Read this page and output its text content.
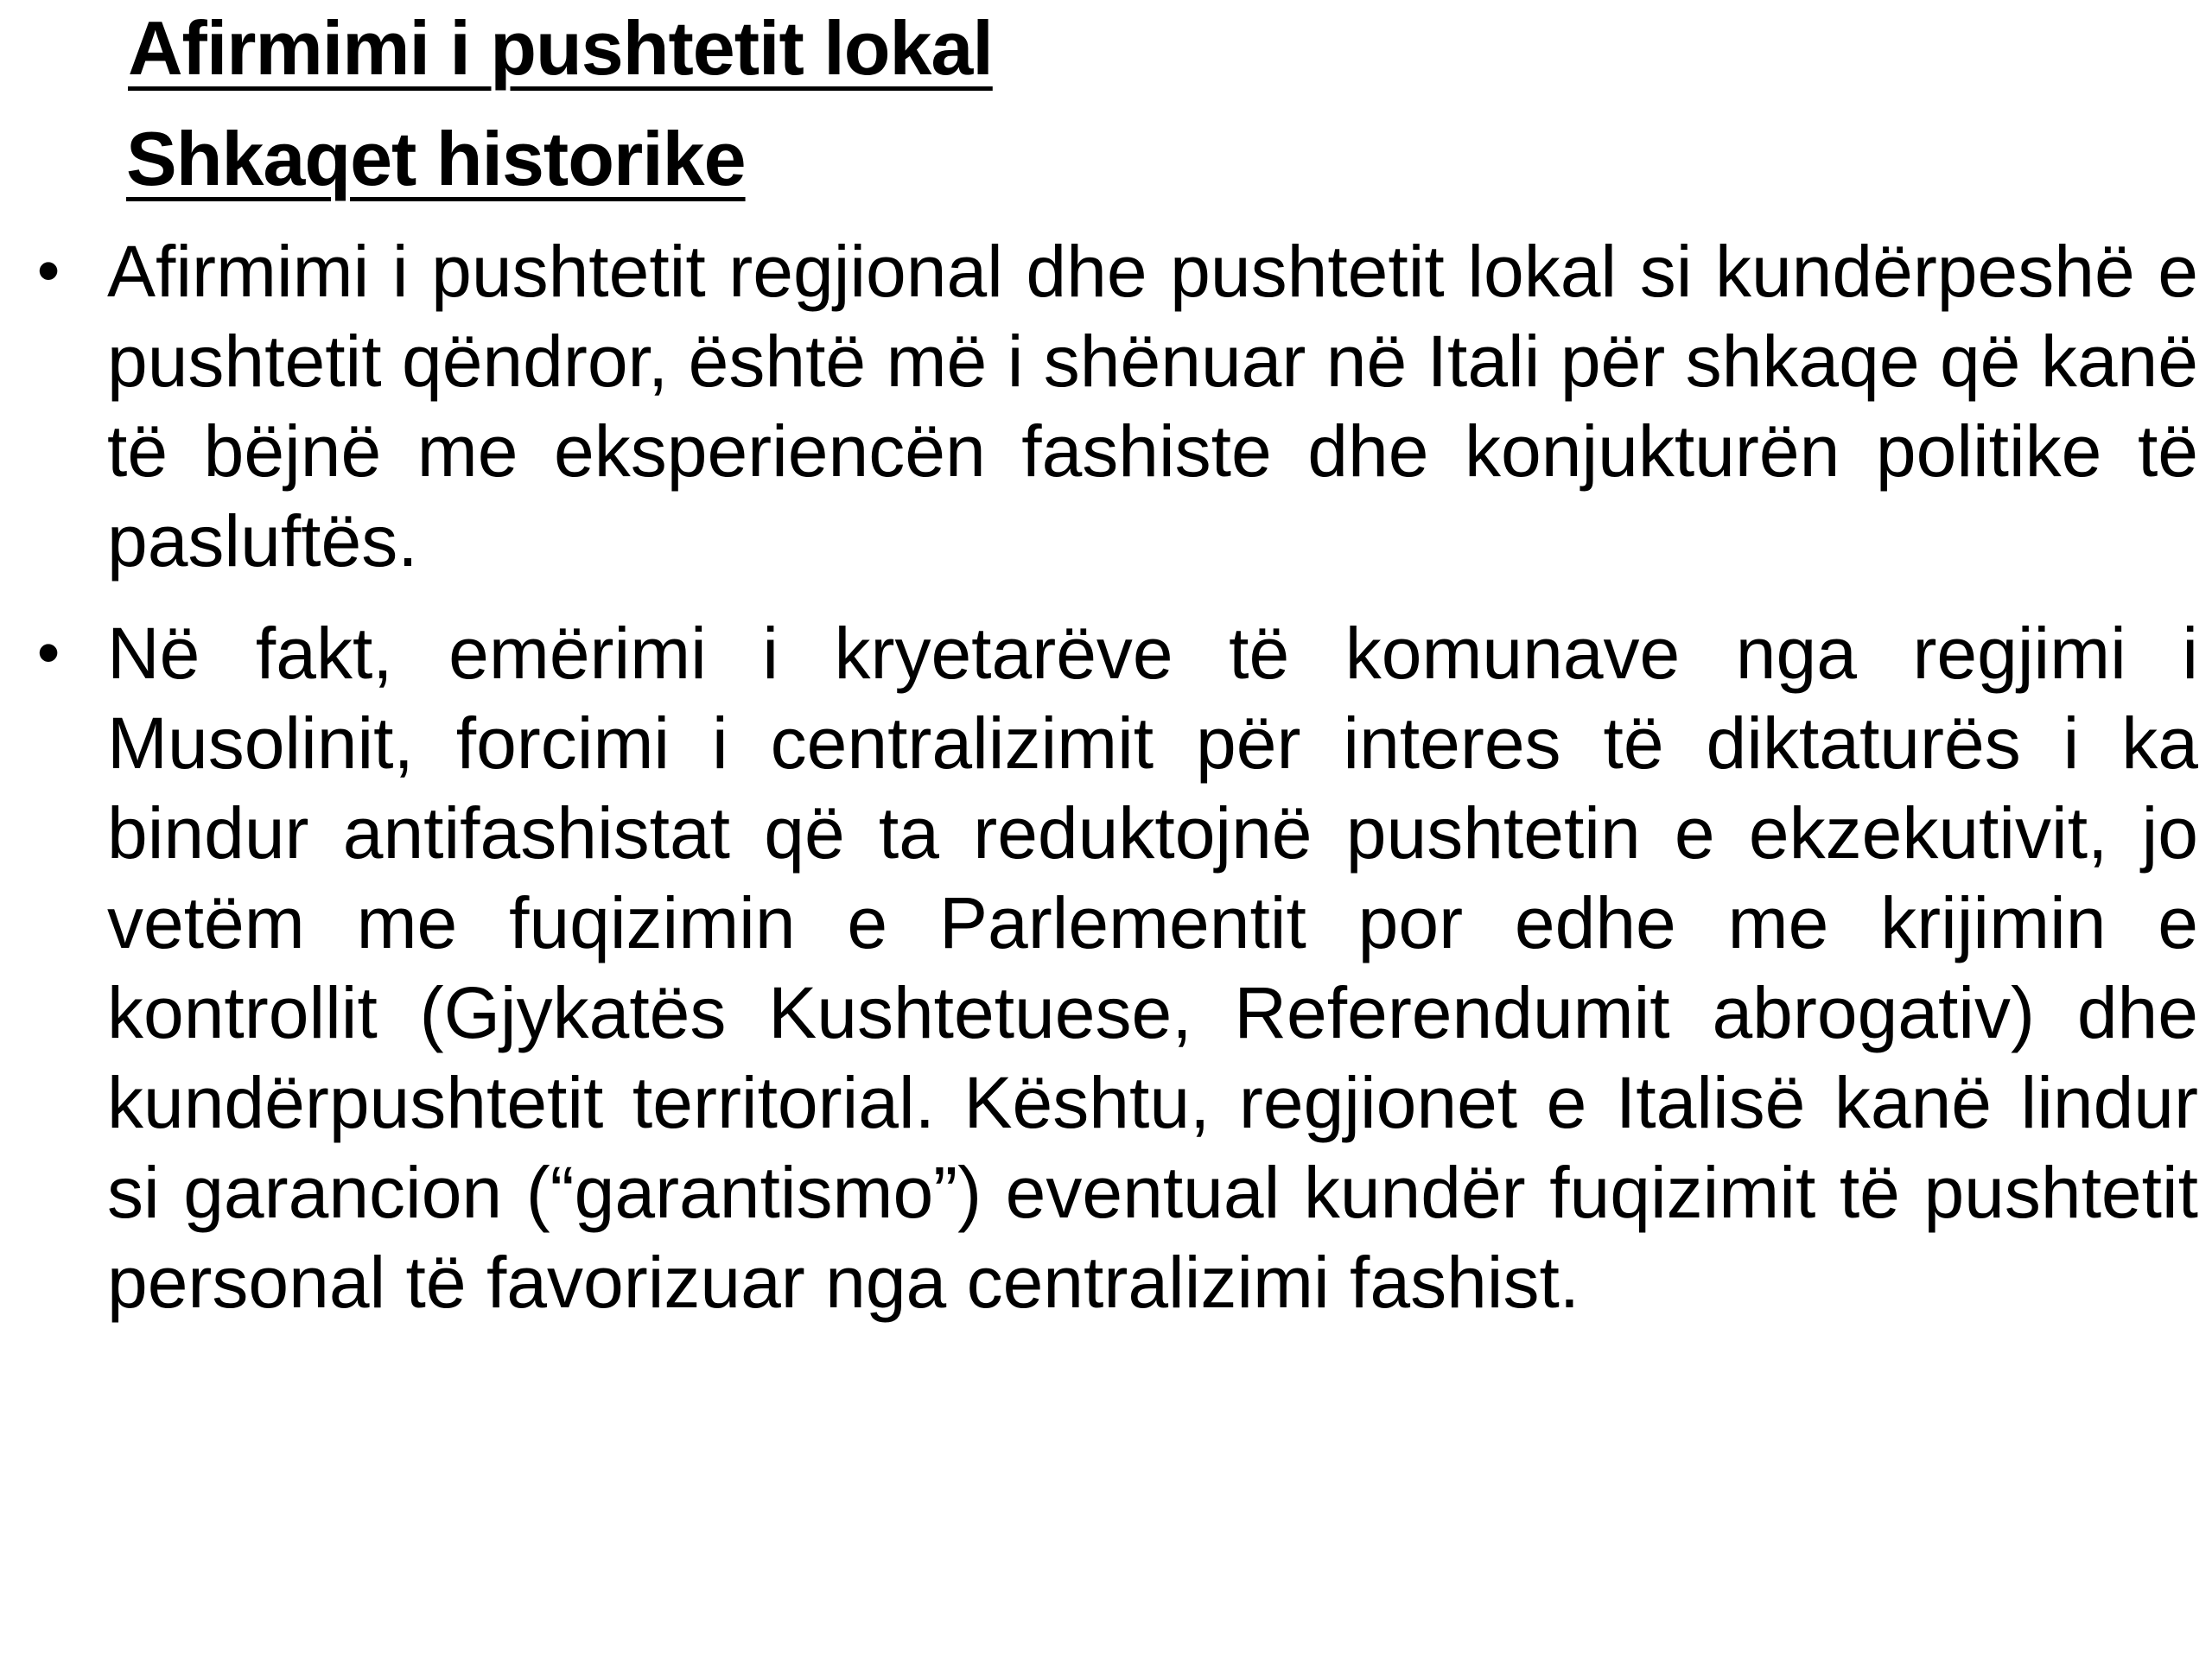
Afirmimi i pushtetit lokal
Shkaqet historike
• Afirmimi i pushtetit regjional dhe pushtetit lokal si kundërpeshë e pushtetit qëndror, është më i shënuar në Itali për shkaqe që kanë të bëjnë me eksperiencën fashiste dhe konjukturën politike të pasluftës.
• Në fakt, emërimi i kryetarëve të komunave nga regjimi i Musolinit, forcimi i centralizimit për interes të diktaturës i ka bindur antifashistat që ta reduktojnë pushtetin e ekzekutivit, jo vetëm me fuqizimin e Parlementit por edhe me krijimin e kontrollit (Gjykatës Kushtetuese, Referendumit abrogativ) dhe kundërpushtetit territorial. Kështu, regjionet e Italisë kanë lindur si garancion (“garantismo”) eventual kundër fuqizimit të pushtetit personal të favorizuar nga centralizimi fashist.
